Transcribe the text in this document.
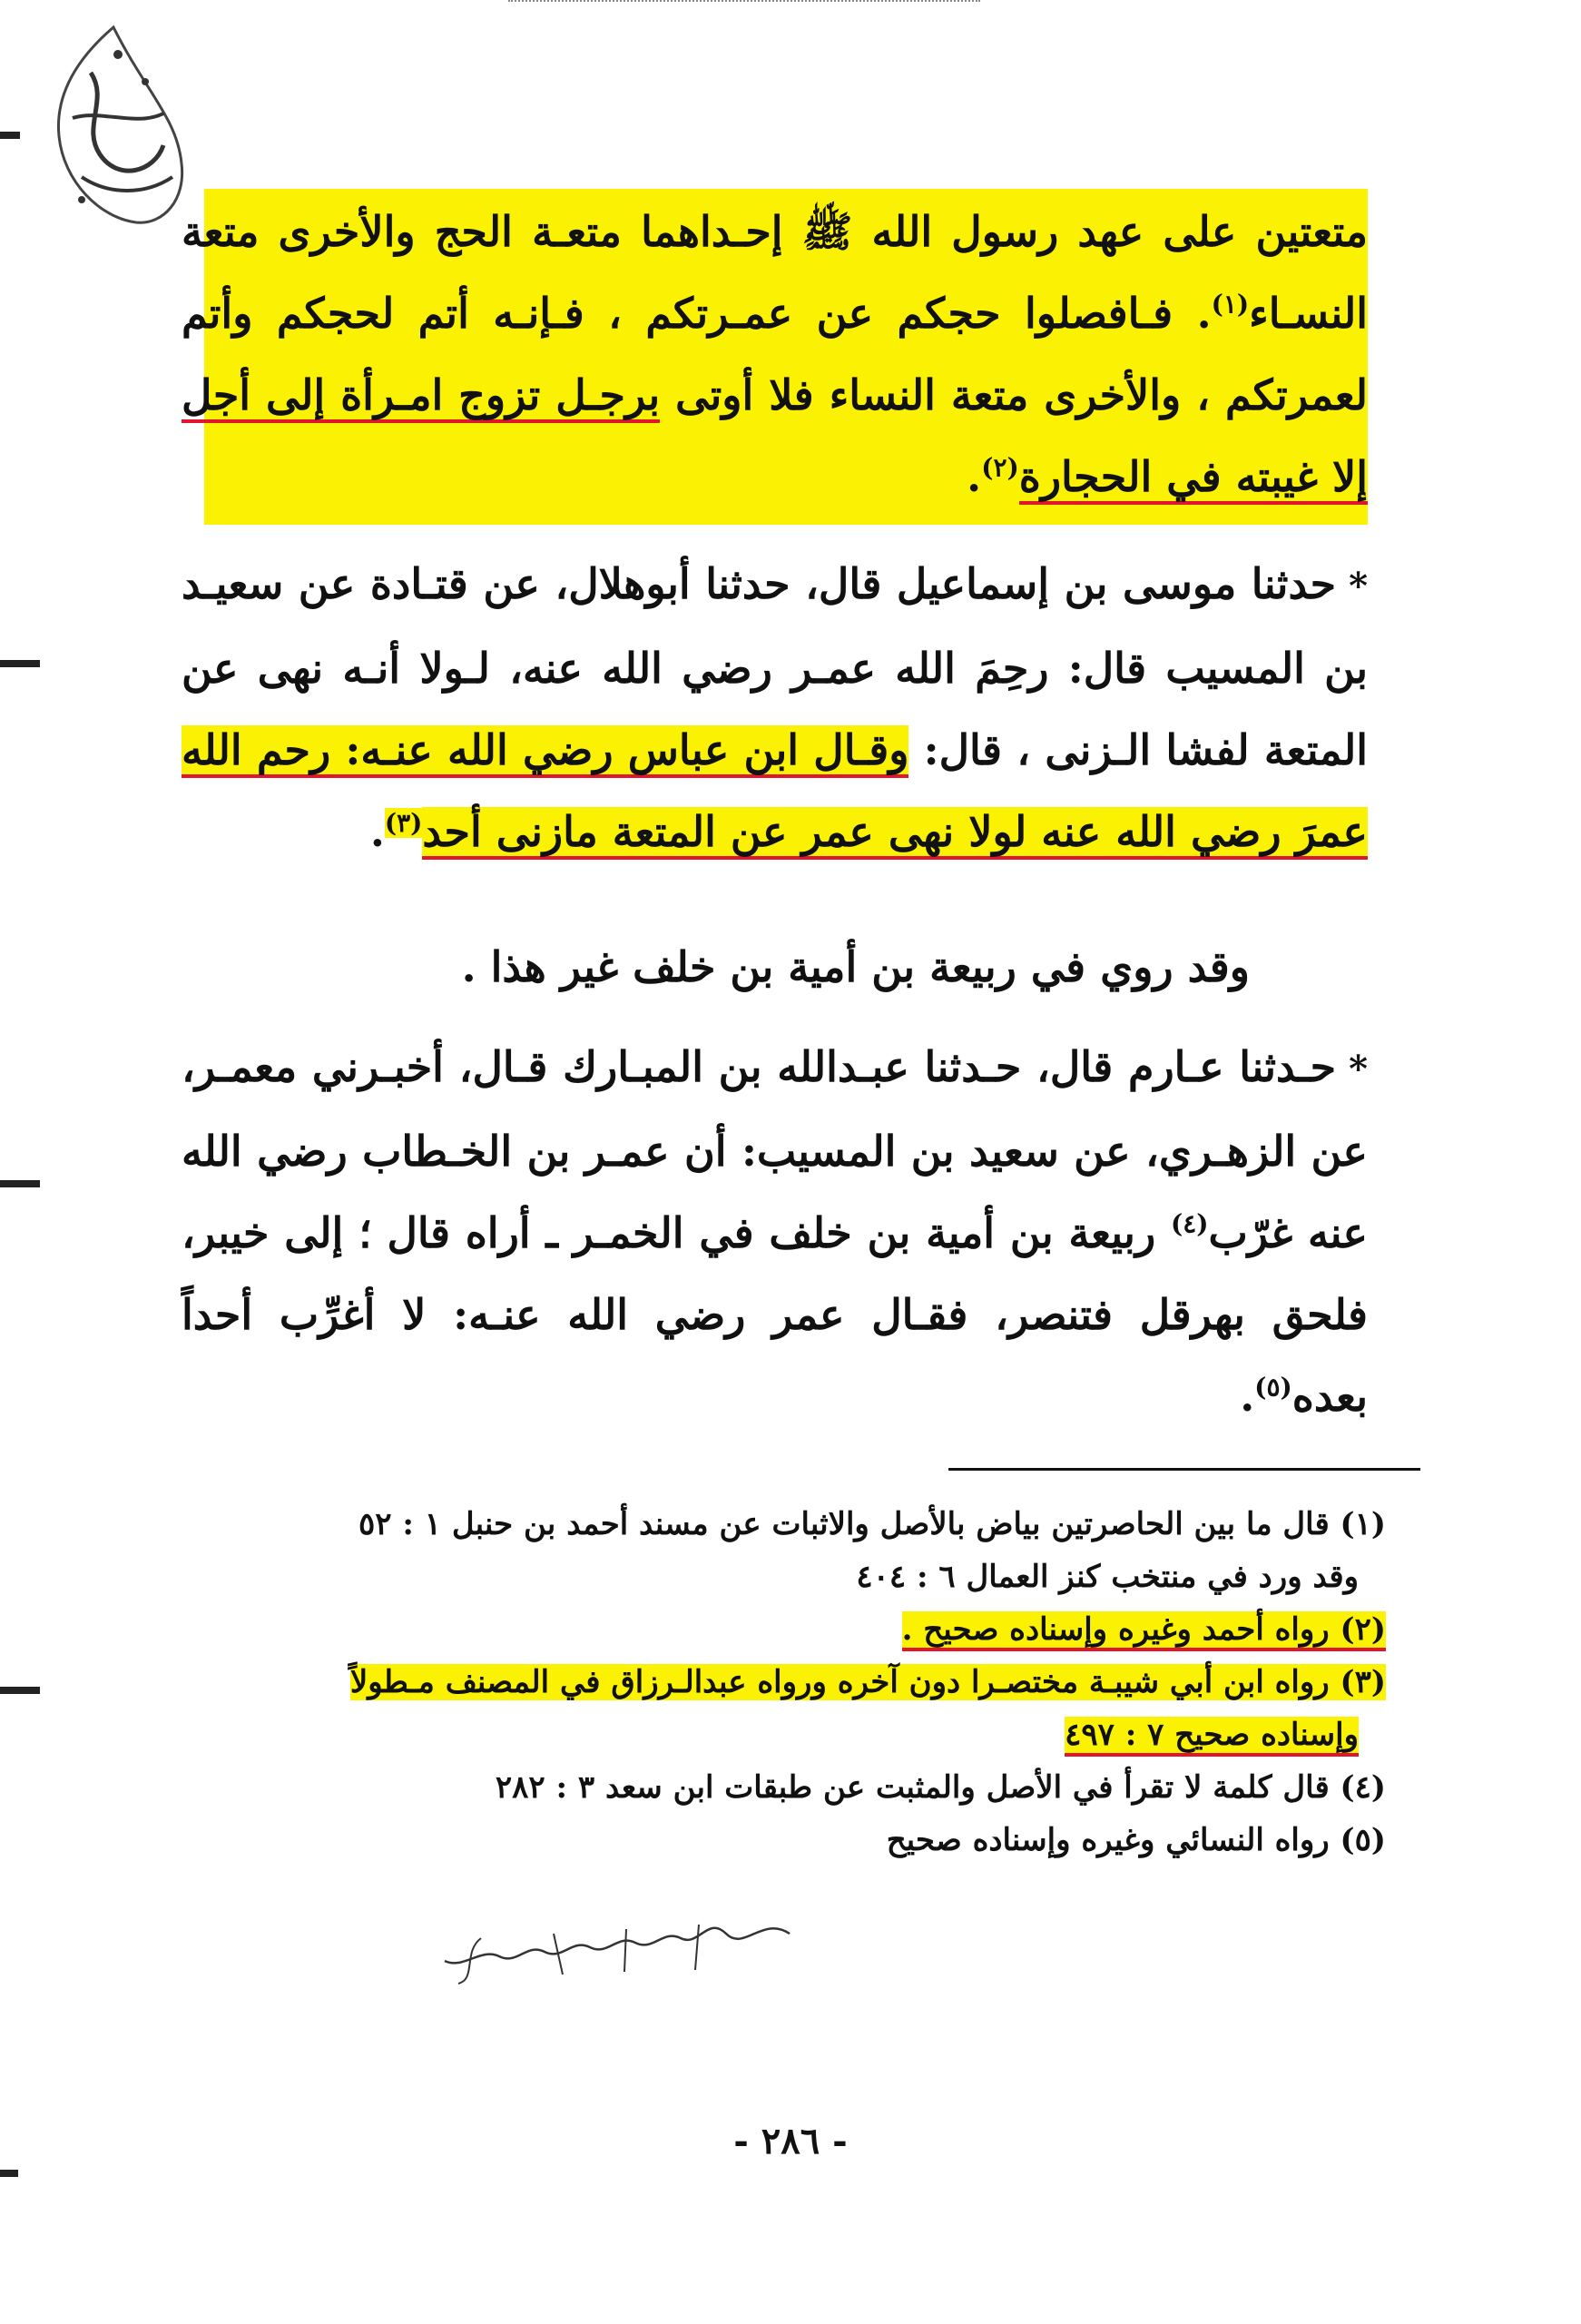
متعتين على عهد رسول الله ﷺ إحـداهما متعـة الحج والأخرى متعة النسـاء$^{(١)}$. فـافصلوا حجكم عن عمـرتكم ، فـإنـه أتم لحجكم وأتم لعمرتكم ، والأخرى متعة النساء فلا أوتى برجـل تزوج امـرأة إلى أجل إلا غيبته في الحجارة$^{(٢)}$.

*حدثنا موسى بن إسماعيل قال، حدثنا أبوهلال، عن قتـادة عن سعيـد بن المسيب قال: رحِمَ الله عمـر رضي الله عنه، لـولا أنـه نهى عن المتعة لفشا الـزنى ، قال: وقـال ابن عباس رضي الله عنـه: رحم الله عمرَ رضي الله عنه لولا نهى عمر عن المتعة مازنى أحد$^{(٣)}$.

وقد روي في ربيعة بن أمية بن خلف غير هذا .

*حـدثنا عـارم قال، حـدثنا عبـدالله بن المبـارك قـال، أخبـرني معمـر، عن الزهـري، عن سعيد بن المسيب: أن عمـر بن الخـطاب رضي الله عنه غرّب$^{(٤)}$ ربيعة بن أمية بن خلف في الخمـر ـ أراه قال ؛ إلى خيبر، فلحق بهرقل فتنصر، فقـال عمر رضي الله عنـه: لا أغرِّب أحداً بعده$^{(٥)}$.

(١) قال ما بين الحاصرتين بياض بالأصل والاثبات عن مسند أحمد بن حنبل ١ : ٥٢

وقد ورد في منتخب كنز العمال ٦ : ٤٠٤

(٢) رواه أحمد وغيره وإسناده صحيح .

(٣) رواه ابن أبي شيبـة مختصـرا دون آخره ورواه عبدالـرزاق في المصنف مـطولاً

وإسناده صحيح ٧ : ٤٩٧

(٤) قال كلمة لا تقرأ في الأصل والمثبت عن طبقات ابن سعد ٣ : ٢٨٢

(٥) رواه النسائي وغيره وإسناده صحيح

- ٢٨٦ -
